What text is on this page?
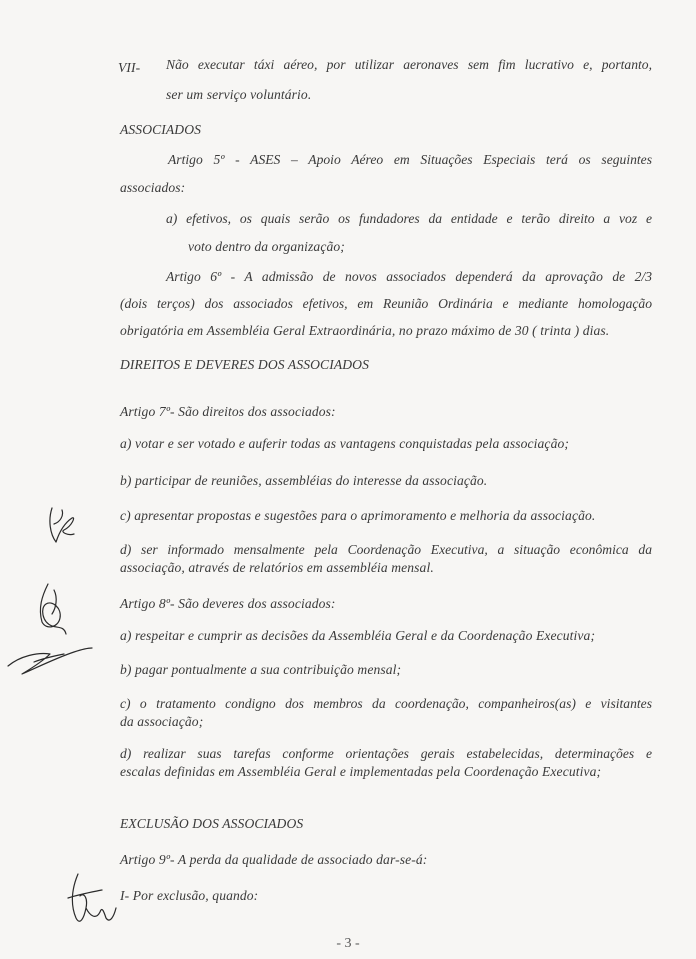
VII- Não executar táxi aéreo, por utilizar aeronaves sem fim lucrativo e, portanto,
ser um serviço voluntário.
ASSOCIADOS
Artigo 5º - ASES – Apoio Aéreo em Situações Especiais terá os seguintes
associados:
a) efetivos, os quais serão os fundadores da entidade e terão direito a voz e
voto dentro da organização;
Artigo 6º - A admissão de novos associados dependerá da aprovação de 2/3
(dois terços) dos associados efetivos, em Reunião Ordinária e mediante homologação
obrigatória em Assembléia Geral Extraordinária, no prazo máximo de 30 ( trinta ) dias.
DIREITOS E DEVERES DOS ASSOCIADOS
Artigo 7º- São direitos dos associados:
a) votar e ser votado e auferir todas as vantagens conquistadas pela associação;
b) participar de reuniões, assembléias do interesse da associação.
c) apresentar propostas e sugestões para o aprimoramento e melhoria da associação.
d) ser informado mensalmente pela Coordenação Executiva, a situação econômica da
associação, através de relatórios em assembléia mensal.
Artigo 8º- São deveres dos associados:
a) respeitar e cumprir as decisões da Assembléia Geral e da Coordenação Executiva;
b) pagar pontualmente a sua contribuição mensal;
c) o tratamento condigno dos membros da coordenação, companheiros(as) e visitantes
da associação;
d) realizar suas tarefas conforme orientações gerais estabelecidas, determinações e
escalas definidas em Assembléia Geral e implementadas pela Coordenação Executiva;
EXCLUSÃO DOS ASSOCIADOS
Artigo 9º- A perda da qualidade de associado dar-se-á:
I- Por exclusão, quando:
- 3 -
